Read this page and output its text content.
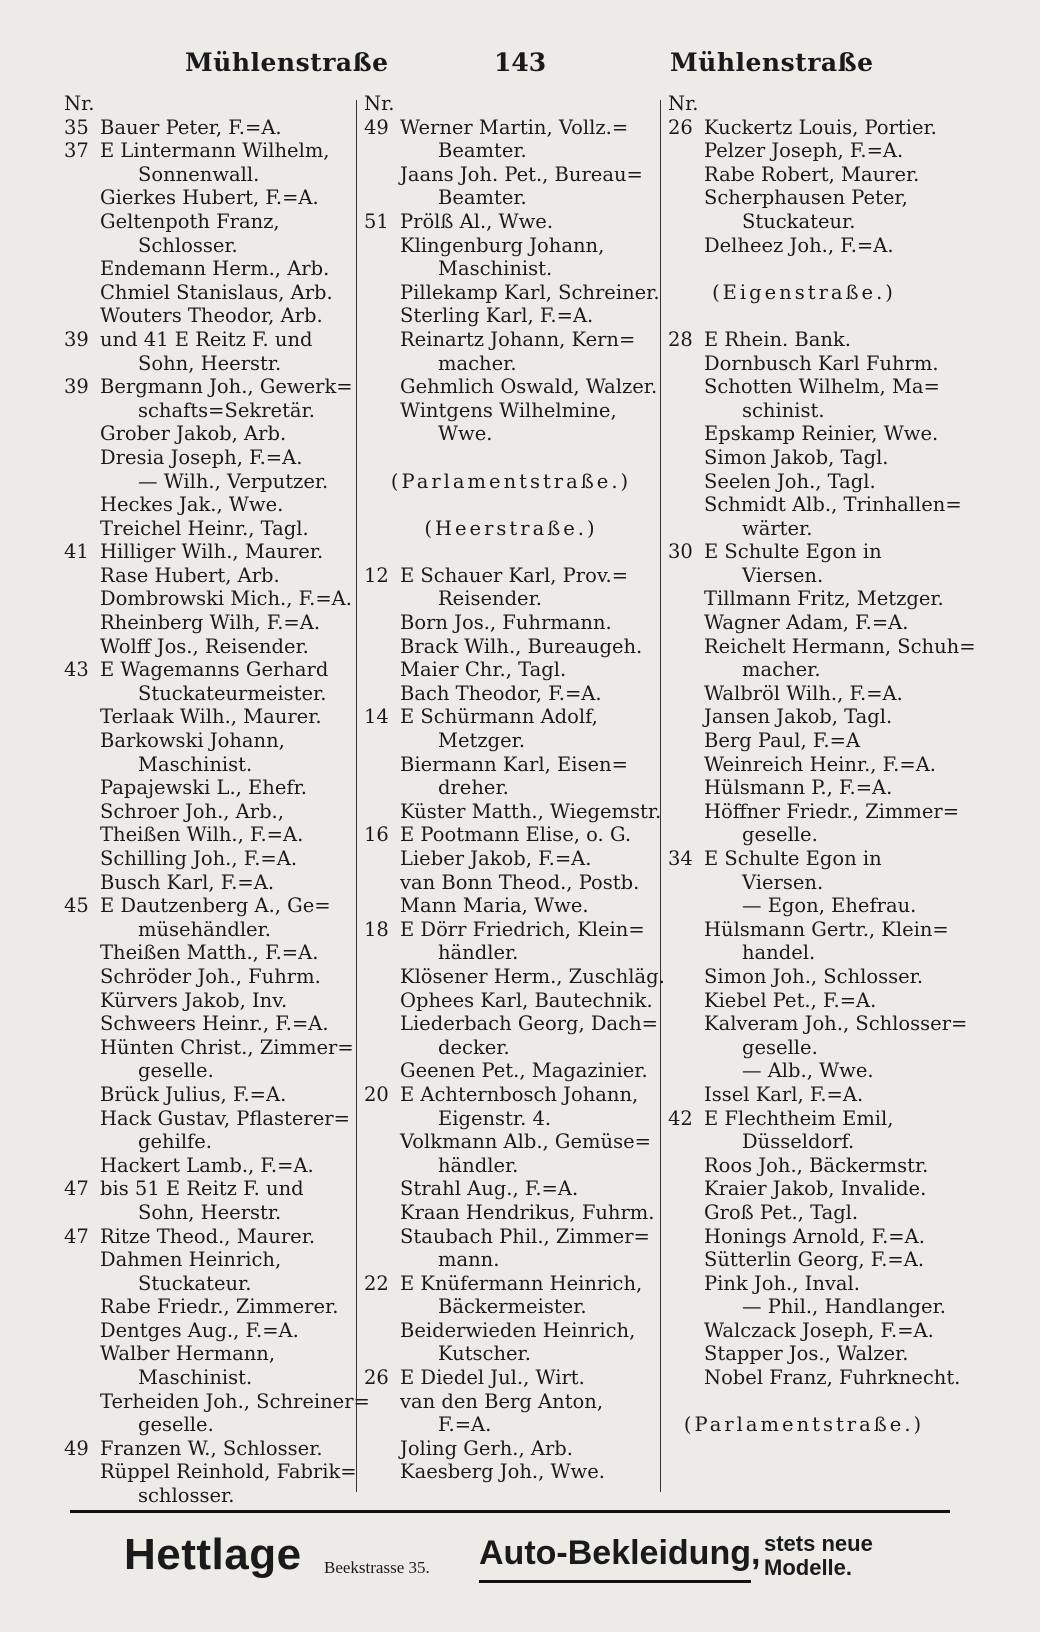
Mühlenstraße	143	Mühlenstraße
Nr.
35 Bauer Peter, F.=A.
37 E Lintermann Wilhelm,
Sonnenwall.
Gierkes Hubert, F.=A.
Geltenpoth Franz,
Schlosser.
Endemann Herm., Arb.
Chmiel Stanislaus, Arb.
Wouters Theodor, Arb.
39 und 41 E Reitz F. und
Sohn, Heerstr.
39 Bergmann Joh., Gewerk=
schafts=Sekretär.
Grober Jakob, Arb.
Dresia Joseph, F.=A.
— Wilh., Verputzer.
Heckes Jak., Wwe.
Treichel Heinr., Tagl.
41 Hilliger Wilh., Maurer.
Rase Hubert, Arb.
Dombrowski Mich., F.=A.
Rheinberg Wilh, F.=A.
Wolff Jos., Reisender.
43 E Wagemanns Gerhard
Stuckateurmeister.
Terlaak Wilh., Maurer.
Barkowski Johann,
Maschinist.
Papajewski L., Ehefr.
Schroer Joh., Arb.,
Theißen Wilh., F.=A.
Schilling Joh., F.=A.
Busch Karl, F.=A.
45 E Dautzenberg A., Ge=
müsehändler.
Theißen Matth., F.=A.
Schröder Joh., Fuhrm.
Kürvers Jakob, Inv.
Schweers Heinr., F.=A.
Hünten Christ., Zimmer=
geselle.
Brück Julius, F.=A.
Hack Gustav, Pflasterer=
gehilfe.
Hackert Lamb., F.=A.
47 bis 51 E Reitz F. und
Sohn, Heerstr.
47 Ritze Theod., Maurer.
Dahmen Heinrich,
Stuckateur.
Rabe Friedr., Zimmerer.
Dentges Aug., F.=A.
Walber Hermann,
Maschinist.
Terheiden Joh., Schreiner=
geselle.
49 Franzen W., Schlosser.
Rüppel Reinhold, Fabrik=
schlosser.
Nr.
49 Werner Martin, Vollz.=
Beamter.
Jaans Joh. Pet., Bureau=
Beamter.
51 Prölß Al., Wwe.
Klingenburg Johann,
Maschinist.
Pillekamp Karl, Schreiner.
Sterling Karl, F.=A.
Reinartz Johann, Kern=
macher.
Gehmlich Oswald, Walzer.
Wintgens Wilhelmine,
Wwe.
(Parlamentstraße.)
(Heerstraße.)
12 E Schauer Karl, Prov.=
Reisender.
Born Jos., Fuhrmann.
Brack Wilh., Bureaugeh.
Maier Chr., Tagl.
Bach Theodor, F.=A.
14 E Schürmann Adolf,
Metzger.
Biermann Karl, Eisen=
dreher.
Küster Matth., Wiegemstr.
16 E Pootmann Elise, o. G.
Lieber Jakob, F.=A.
van Bonn Theod., Postb.
Mann Maria, Wwe.
18 E Dörr Friedrich, Klein=
händler.
Klösener Herm., Zuschläg.
Ophees Karl, Bautechnik.
Liederbach Georg, Dach=
decker.
Geenen Pet., Magazinier.
20 E Achternbosch Johann,
Eigenstr. 4.
Volkmann Alb., Gemüse=
händler.
Strahl Aug., F.=A.
Kraan Hendrikus, Fuhrm.
Staubach Phil., Zimmer=
mann.
22 E Knüfermann Heinrich,
Bäckermeister.
Beiderwieden Heinrich,
Kutscher.
26 E Diedel Jul., Wirt.
van den Berg Anton,
F.=A.
Joling Gerh., Arb.
Kaesberg Joh., Wwe.
Nr.
26 Kuckertz Louis, Portier.
Pelzer Joseph, F.=A.
Rabe Robert, Maurer.
Scherphausen Peter,
Stuckateur.
Delheez Joh., F.=A.
(Eigenstraße.)
28 E Rhein. Bank.
Dornbusch Karl Fuhrm.
Schotten Wilhelm, Ma=
schinist.
Epskamp Reinier, Wwe.
Simon Jakob, Tagl.
Seelen Joh., Tagl.
Schmidt Alb., Trinhallen=
wärter.
30 E Schulte Egon in
Viersen.
Tillmann Fritz, Metzger.
Wagner Adam, F.=A.
Reichelt Hermann, Schuh=
macher.
Walbröl Wilh., F.=A.
Jansen Jakob, Tagl.
Berg Paul, F.=A
Weinreich Heinr., F.=A.
Hülsmann P., F.=A.
Höffner Friedr., Zimmer=
geselle.
34 E Schulte Egon in
Viersen.
— Egon, Ehefrau.
Hülsmann Gertr., Klein=
handel.
Simon Joh., Schlosser.
Kiebel Pet., F.=A.
Kalveram Joh., Schlosser=
geselle.
— Alb., Wwe.
Issel Karl, F.=A.
42 E Flechtheim Emil,
Düsseldorf.
Roos Joh., Bäckermstr.
Kraier Jakob, Invalide.
Groß Pet., Tagl.
Honings Arnold, F.=A.
Sütterlin Georg, F.=A.
Pink Joh., Inval.
— Phil., Handlanger.
Walczack Joseph, F.=A.
Stapper Jos., Walzer.
Nobel Franz, Fuhrknecht.
(Parlamentstraße.)
Hettlage Beekstrasse 35. Auto-Bekleidung, stets neue
Modelle.
